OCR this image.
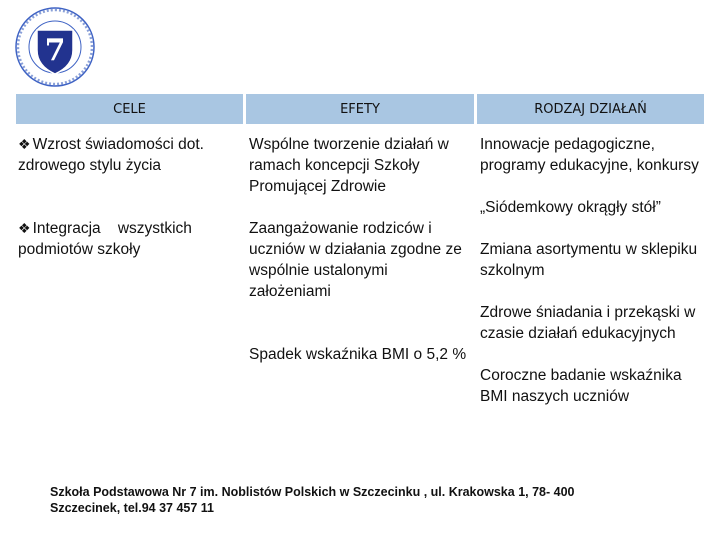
7
CELE	EFETY	RODZAJ DZIAŁAŃ

❖ Wzrost świadomości dot.
zdrowego stylu życia

❖ Integracja    wszystkich
podmiotów szkoły

Wspólne tworzenie działań w ramach koncepcji Szkoły Promującej Zdrowie

Zaangażowanie rodziców i uczniów w działania zgodne ze wspólnie ustalonymi założeniami

Spadek wskaźnika BMI o 5,2 %

Innowacje pedagogiczne, programy edukacyjne, konkursy

„Siódemkowy okrągły stół”

Zmiana asortymentu w sklepiku szkolnym

Zdrowe śniadania i przekąski w czasie działań edukacyjnych

Coroczne badanie wskaźnika BMI naszych uczniów

Szkoła Podstawowa Nr 7 im. Noblistów Polskich w Szczecinku , ul. Krakowska 1, 78- 400
Szczecinek, tel.94 37 457 11
